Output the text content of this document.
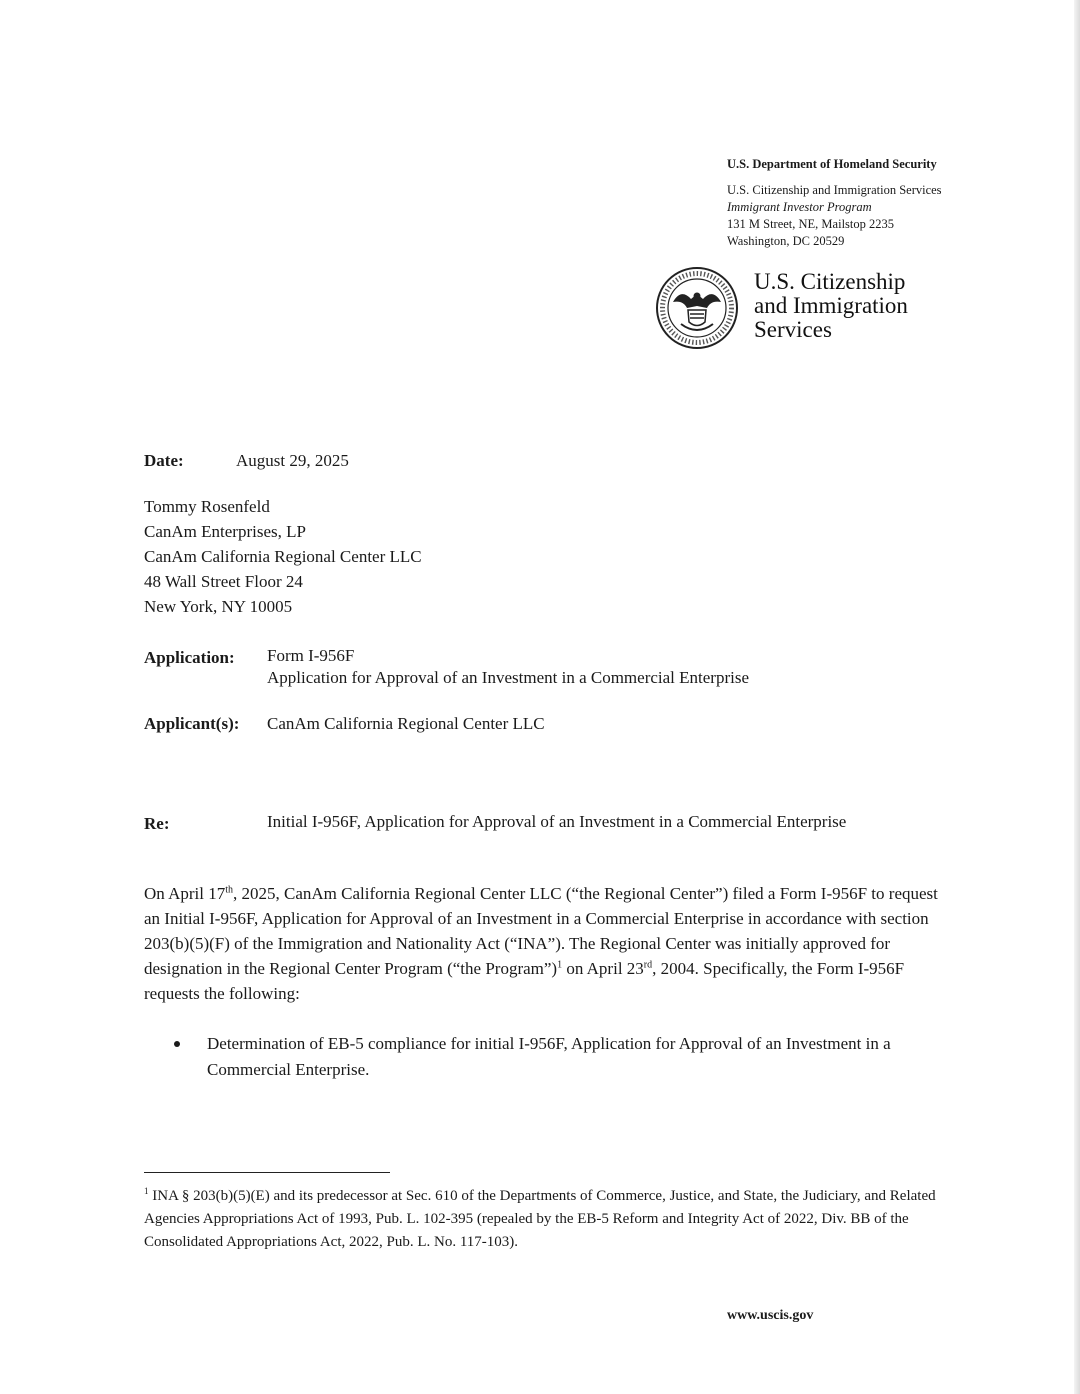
U.S. Department of Homeland Security
U.S. Citizenship and Immigration Services
Immigrant Investor Program
131 M Street, NE, Mailstop 2235
Washington, DC 20529
U.S. Citizenship
and Immigration
Services
Date:	August 29, 2025
Tommy Rosenfeld
CanAm Enterprises, LP
CanAm California Regional Center LLC
48 Wall Street Floor 24
New York, NY 10005
Application: Form I-956F
Application for Approval of an Investment in a Commercial Enterprise
Applicant(s): CanAm California Regional Center LLC
Re:	Initial I-956F, Application for Approval of an Investment in a Commercial Enterprise
On April 17th, 2025, CanAm California Regional Center LLC (“the Regional Center”) filed a Form I-956F to request an Initial I-956F, Application for Approval of an Investment in a Commercial Enterprise in accordance with section 203(b)(5)(F) of the Immigration and Nationality Act (“INA”). The Regional Center was initially approved for designation in the Regional Center Program (“the Program”)$^1$ on April 23rd, 2004. Specifically, the Form I-956F requests the following:
Determination of EB-5 compliance for initial I-956F, Application for Approval of an Investment in a Commercial Enterprise.
$^1$ INA § 203(b)(5)(E) and its predecessor at Sec. 610 of the Departments of Commerce, Justice, and State, the Judiciary, and Related Agencies Appropriations Act of 1993, Pub. L. 102-395 (repealed by the EB-5 Reform and Integrity Act of 2022, Div. BB of the Consolidated Appropriations Act, 2022, Pub. L. No. 117-103).
www.uscis.gov
